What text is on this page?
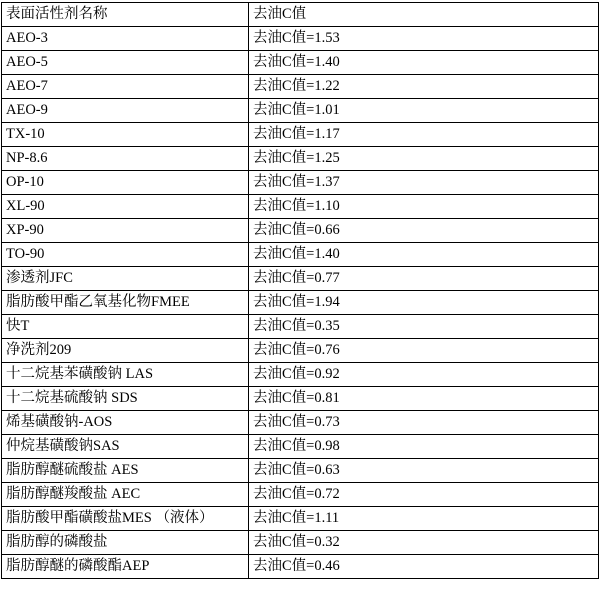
表面活性剂名称	去油C值
AEO-3	去油C值=1.53
AEO-5	去油C值=1.40
AEO-7	去油C值=1.22
AEO-9	去油C值=1.01
TX-10	去油C值=1.17
NP-8.6	去油C值=1.25
OP-10	去油C值=1.37
XL-90	去油C值=1.10
XP-90	去油C值=0.66
TO-90	去油C值=1.40
渗透剂JFC	去油C值=0.77
脂肪酸甲酯乙氧基化物FMEE	去油C值=1.94
快T	去油C值=0.35
净洗剂209	去油C值=0.76
十二烷基苯磺酸钠 LAS	去油C值=0.92
十二烷基硫酸钠 SDS	去油C值=0.81
烯基磺酸钠-AOS	去油C值=0.73
仲烷基磺酸钠SAS	去油C值=0.98
脂肪醇醚硫酸盐 AES	去油C值=0.63
脂肪醇醚羧酸盐 AEC	去油C值=0.72
脂肪酸甲酯磺酸盐MES （液体）	去油C值=1.11
脂肪醇的磷酸盐	去油C值=0.32
脂肪醇醚的磷酸酯AEP	去油C值=0.46
